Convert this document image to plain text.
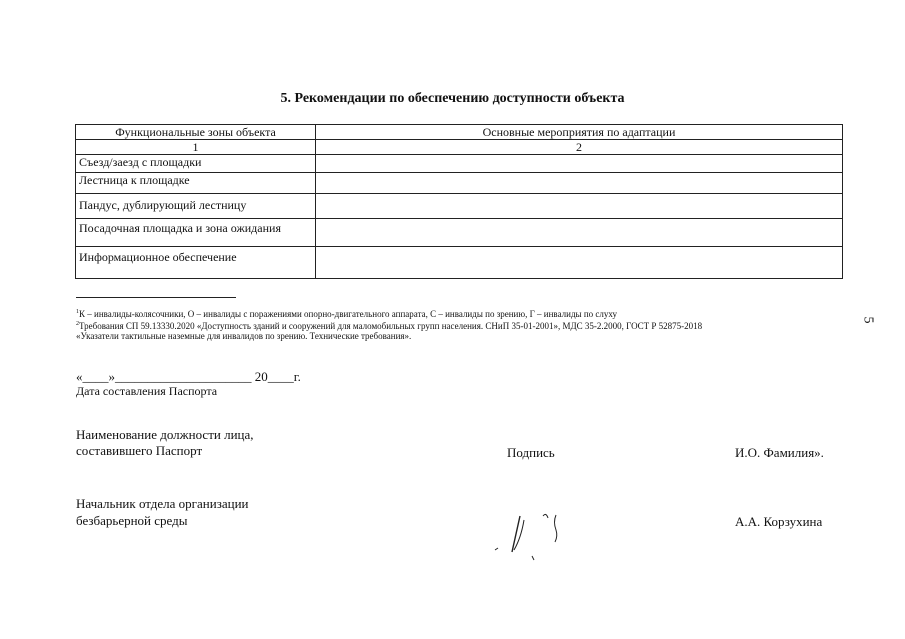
5. Рекомендации по обеспечению доступности объекта
Функциональные зоны объекта	Основные мероприятия по адаптации
1	2
Съезд/заезд с площадки	
Лестница к площадке	
Пандус, дублирующий лестницу	
Посадочная площадка и зона ожидания	
Информационное обеспечение	
$^1$К – инвалиды-колясочники, О – инвалиды с поражениями опорно-двигательного аппарата, С – инвалиды по зрению, Г – инвалиды по слуху
$^2$Требования СП 59.13330.2020 «Доступность зданий и сооружений для маломобильных групп населения. СНиП 35-01-2001», МДС 35-2.2000, ГОСТ Р 52875-2018
«Указатели тактильные наземные для инвалидов по зрению. Технические требования».
5
«____»_____________________ 20____г.
Дата составления Паспорта
Наименование должности лица,
составившего Паспорт	Подпись	И.О. Фамилия».
Начальник отдела организации
безбарьерной среды	А.А. Корзухина
